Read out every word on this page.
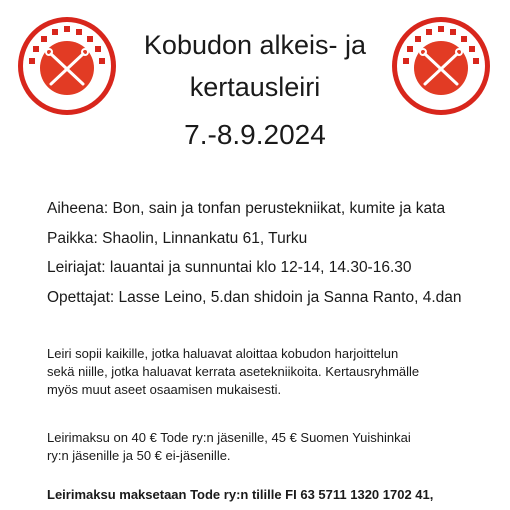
Kobudon alkeis- ja
kertausleiri
7.-8.9.2024
Aiheena: Bon, sain ja tonfan perustekniikat, kumite ja kata
Paikka: Shaolin, Linnankatu 61, Turku
Leiriajat: lauantai ja sunnuntai klo 12-14, 14.30-16.30
Opettajat: Lasse Leino, 5.dan shidoin ja Sanna Ranto, 4.dan
Leiri sopii kaikille, jotka haluavat aloittaa kobudon harjoittelun
sekä niille, jotka haluavat kerrata asetekniikoita. Kertausryhmälle
myös muut aseet osaamisen mukaisesti.
Leirimaksu on 40 € Tode ry:n jäsenille, 45 € Suomen Yuishinkai
ry:n jäsenille ja 50 € ei-jäsenille.
Leirimaksu maksetaan Tode ry:n tilille FI 63 5711 1320 1702 41,
